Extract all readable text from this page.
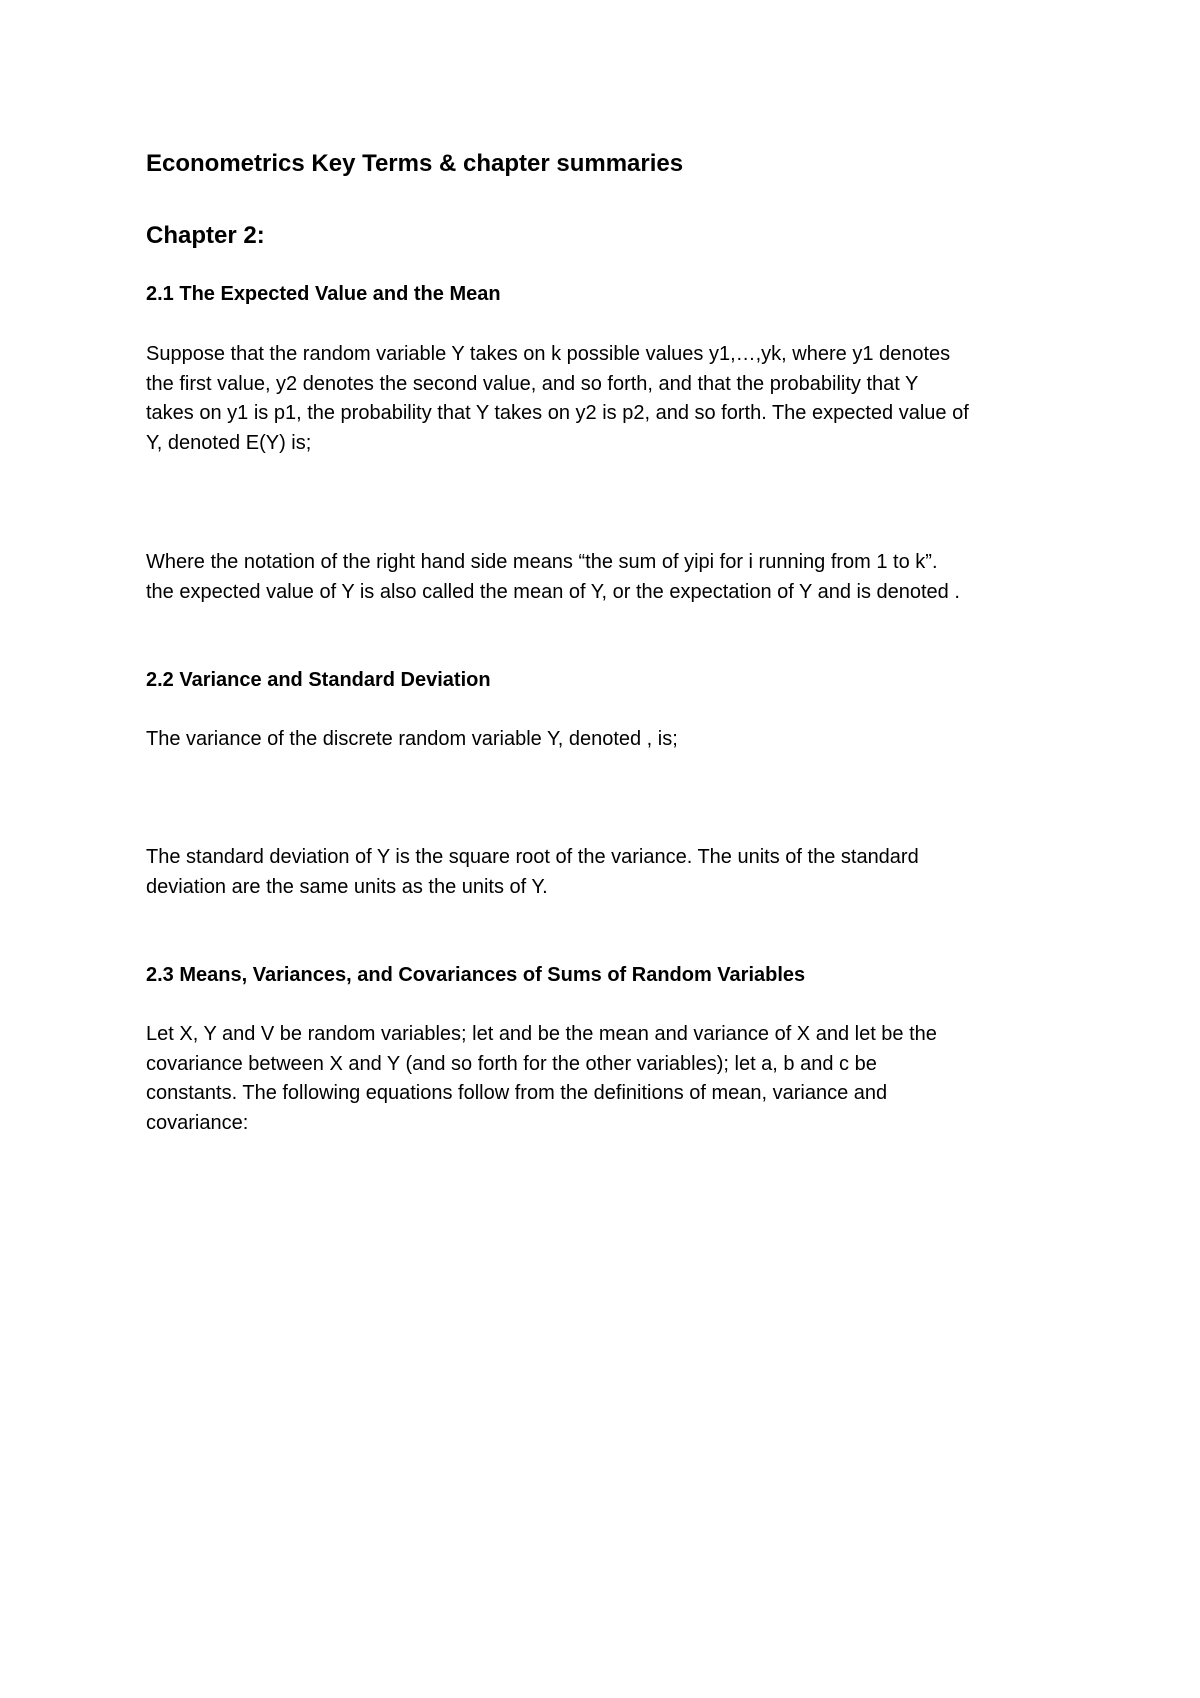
Econometrics Key Terms & chapter summaries
Chapter 2:
2.1 The Expected Value and the Mean

Suppose that the random variable Y takes on k possible values y1,…,yk, where y1 denotes
the first value, y2 denotes the second value, and so forth, and that the probability that Y
takes on y1 is p1, the probability that Y takes on y2 is p2, and so forth. The expected value of
Y, denoted E(Y) is;

Where the notation of the right hand side means “the sum of yipi for i running from 1 to k”.
the expected value of Y is also called the mean of Y, or the expectation of Y and is denoted .

2.2 Variance and Standard Deviation

The variance of the discrete random variable Y, denoted , is;

The standard deviation of Y is the square root of the variance. The units of the standard
deviation are the same units as the units of Y.

2.3 Means, Variances, and Covariances of Sums of Random Variables

Let X, Y and V be random variables; let and be the mean and variance of X and let be the
covariance between X and Y (and so forth for the other variables); let a, b and c be
constants. The following equations follow from the definitions of mean, variance and
covariance:
